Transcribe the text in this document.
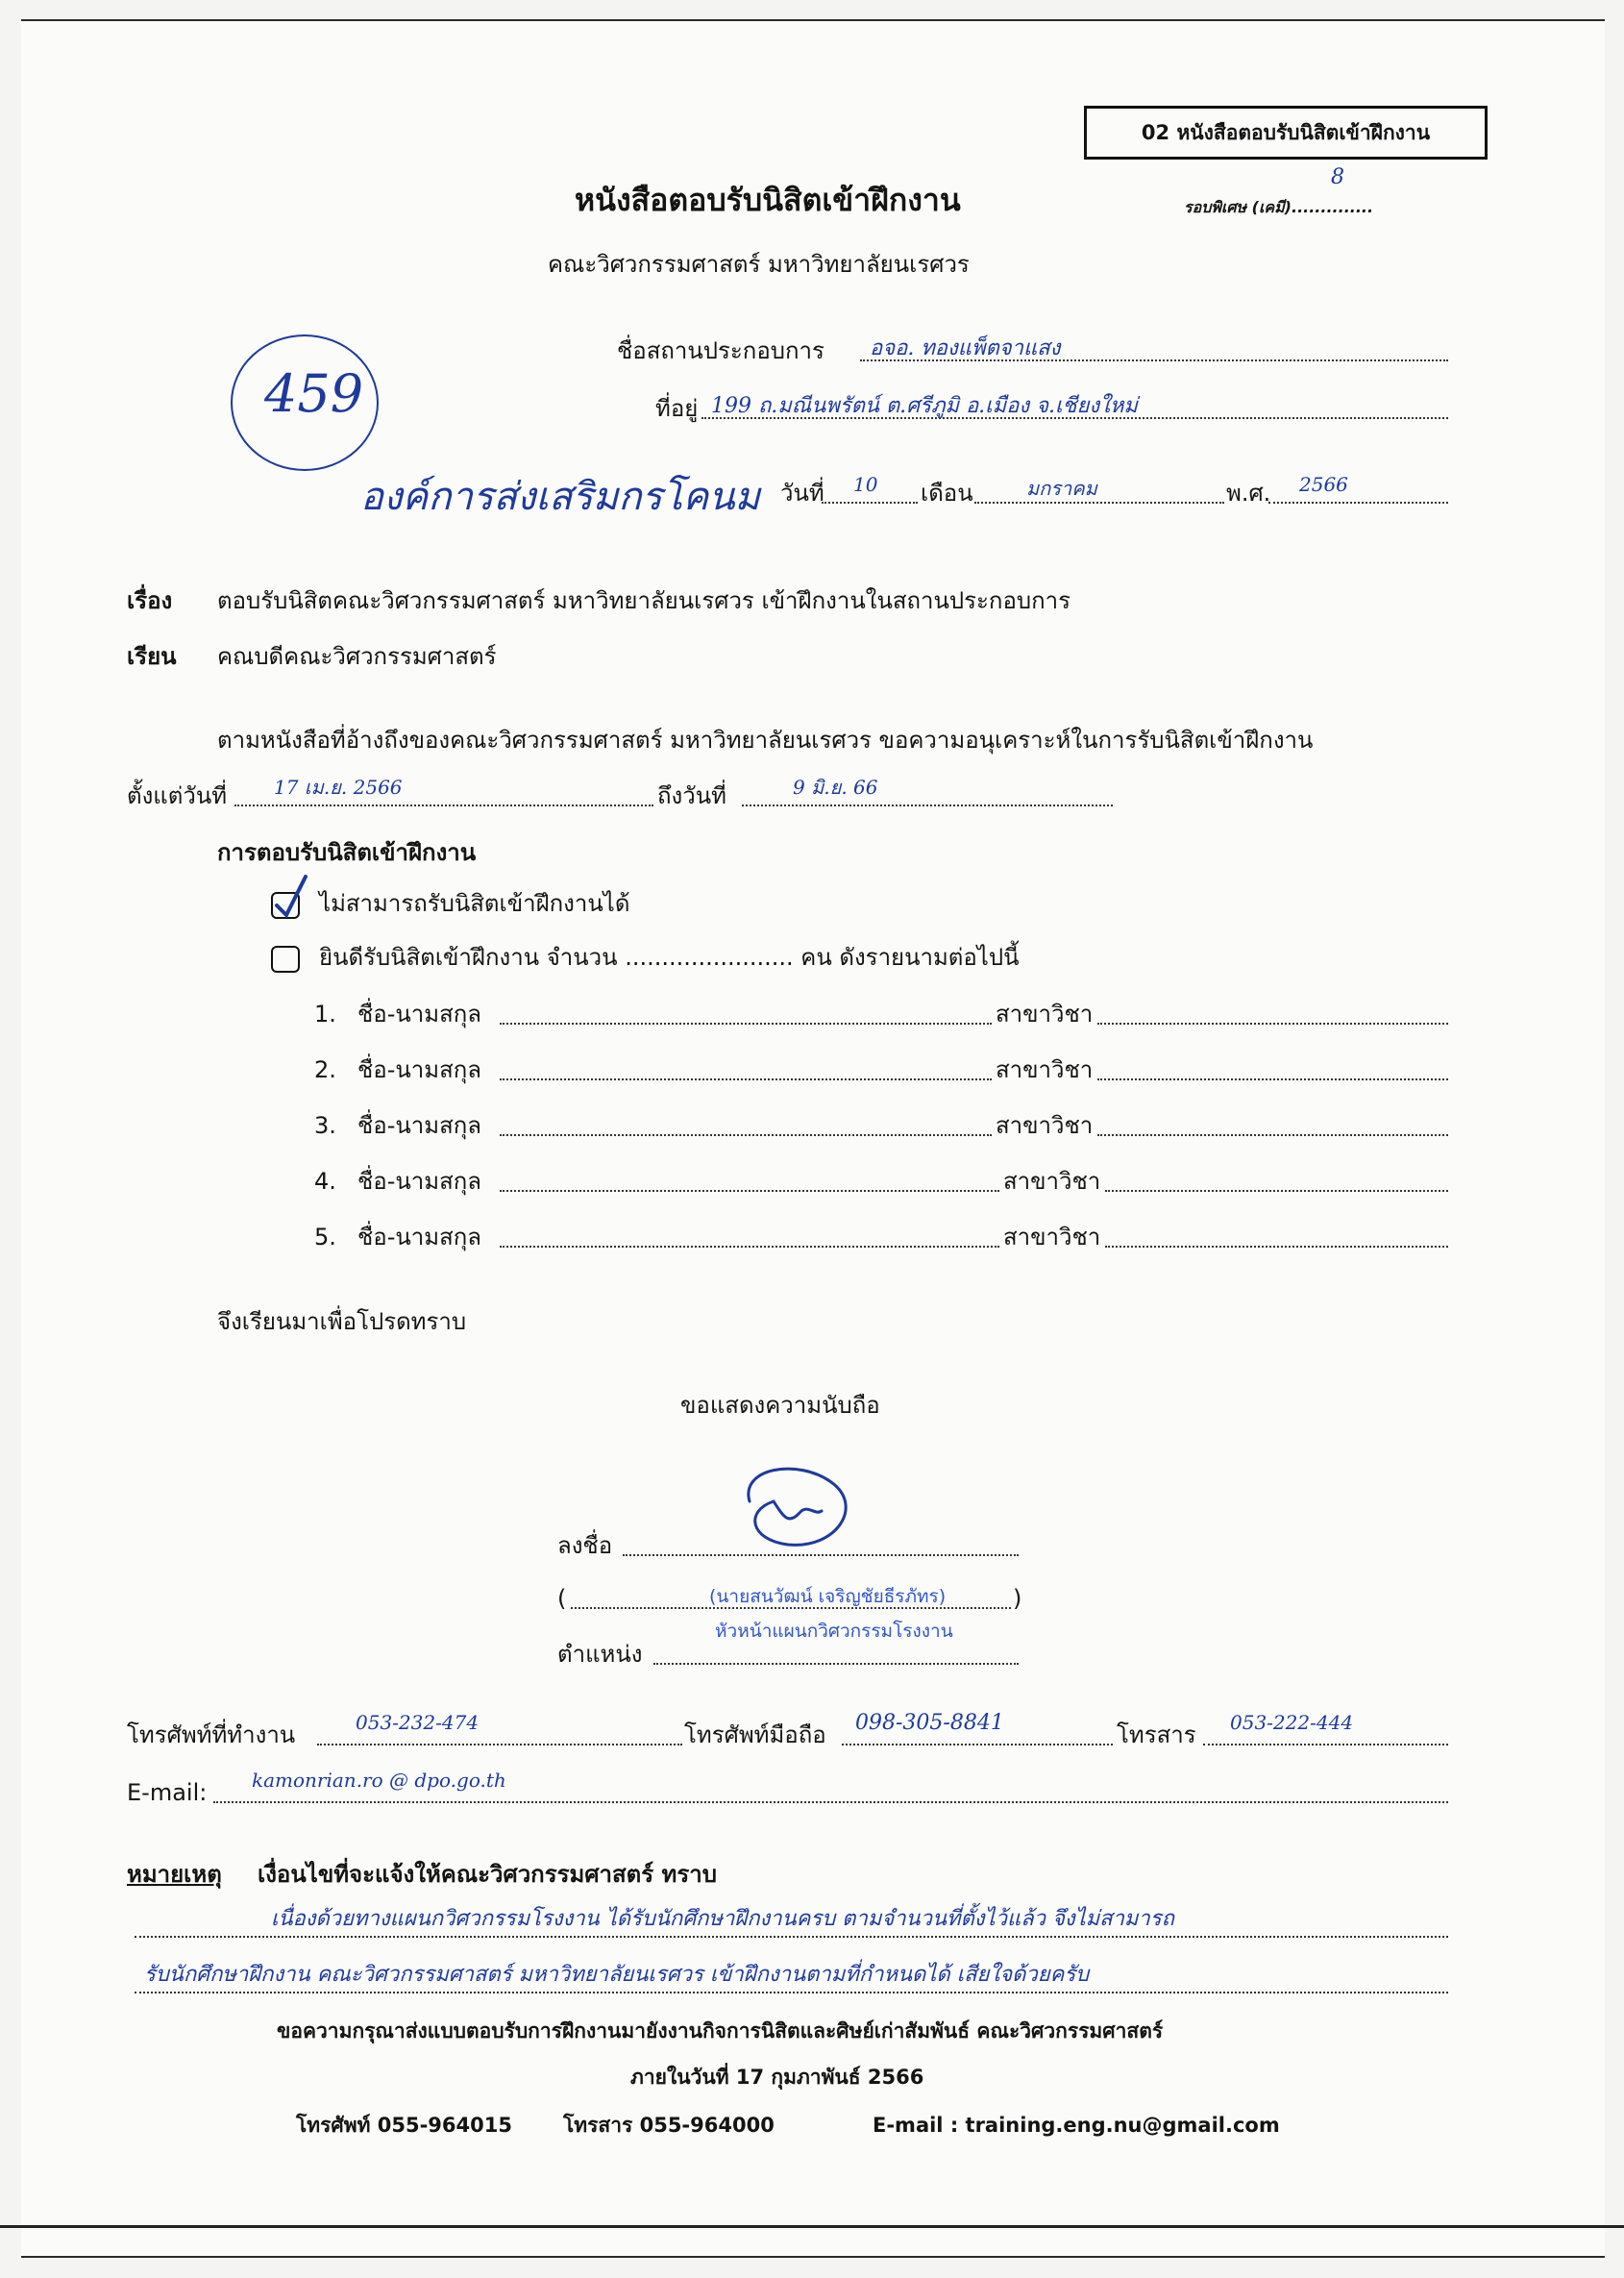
02 หนังสือตอบรับนิสิตเข้าฝึกงาน
หนังสือตอบรับนิสิตเข้าฝึกงาน	รอบพิเศษ (เคมี)..............
8
คณะวิศวกรรมศาสตร์ มหาวิทยาลัยนเรศวร
459
ชื่อสถานประกอบการ อจอ. ทองแพ็ตจาแสง
ที่อยู่ 199 ถ.มณีนพรัตน์ ต.ศรีภูมิ อ.เมือง จ.เชียงใหม่
องค์การส่งเสริมกรโคนม วันที่ 10 เดือน	มกราคม	พ.ศ. 2566
เรื่อง ตอบรับนิสิตคณะวิศวกรรมศาสตร์ มหาวิทยาลัยนเรศวร เข้าฝึกงานในสถานประกอบการ
เรียน คณบดีคณะวิศวกรรมศาสตร์
ตามหนังสือที่อ้างถึงของคณะวิศวกรรมศาสตร์ มหาวิทยาลัยนเรศวร ขอความอนุเคราะห์ในการรับนิสิตเข้าฝึกงาน
ตั้งแต่วันที่ 17 เม.ย. 2566	ถึงวันที่	9 มิ.ย. 66
การตอบรับนิสิตเข้าฝึกงาน
ไม่สามารถรับนิสิตเข้าฝึกงานได้
ยินดีรับนิสิตเข้าฝึกงาน จำนวน ....................... คน ดังรายนามต่อไปนี้
1. ชื่อ-นามสกุล	สาขาวิชา
2. ชื่อ-นามสกุล	สาขาวิชา
3. ชื่อ-นามสกุล	สาขาวิชา
4. ชื่อ-นามสกุล	สาขาวิชา
5. ชื่อ-นามสกุล	สาขาวิชา
จึงเรียนมาเพื่อโปรดทราบ
ขอแสดงความนับถือ
ลงชื่อ
(	(นายสนวัฒน์ เจริญชัยธีรภัทร)	)
ตำแหน่ง
หัวหน้าแผนกวิศวกรรมโรงงาน
โทรศัพท์ที่ทำงาน	053-232-474	โทรศัพท์มือถือ 098-305-8841	โทรสาร 053-222-444
E-mail: kamonrian.ro @ dpo.go.th
หมายเหตุ เงื่อนไขที่จะแจ้งให้คณะวิศวกรรมศาสตร์ ทราบ
เนื่องด้วยทางแผนกวิศวกรรมโรงงาน ได้รับนักศึกษาฝึกงานครบ ตามจำนวนที่ตั้งไว้แล้ว จึงไม่สามารถ
รับนักศึกษาฝึกงาน คณะวิศวกรรมศาสตร์ มหาวิทยาลัยนเรศวร เข้าฝึกงานตามที่กำหนดได้ เสียใจด้วยครับ
ขอความกรุณาส่งแบบตอบรับการฝึกงานมายังงานกิจการนิสิตและศิษย์เก่าสัมพันธ์ คณะวิศวกรรมศาสตร์
ภายในวันที่ 17 กุมภาพันธ์ 2566
โทรศัพท์ 055-964015	โทรสาร 055-964000	E-mail : training.eng.nu@gmail.com
